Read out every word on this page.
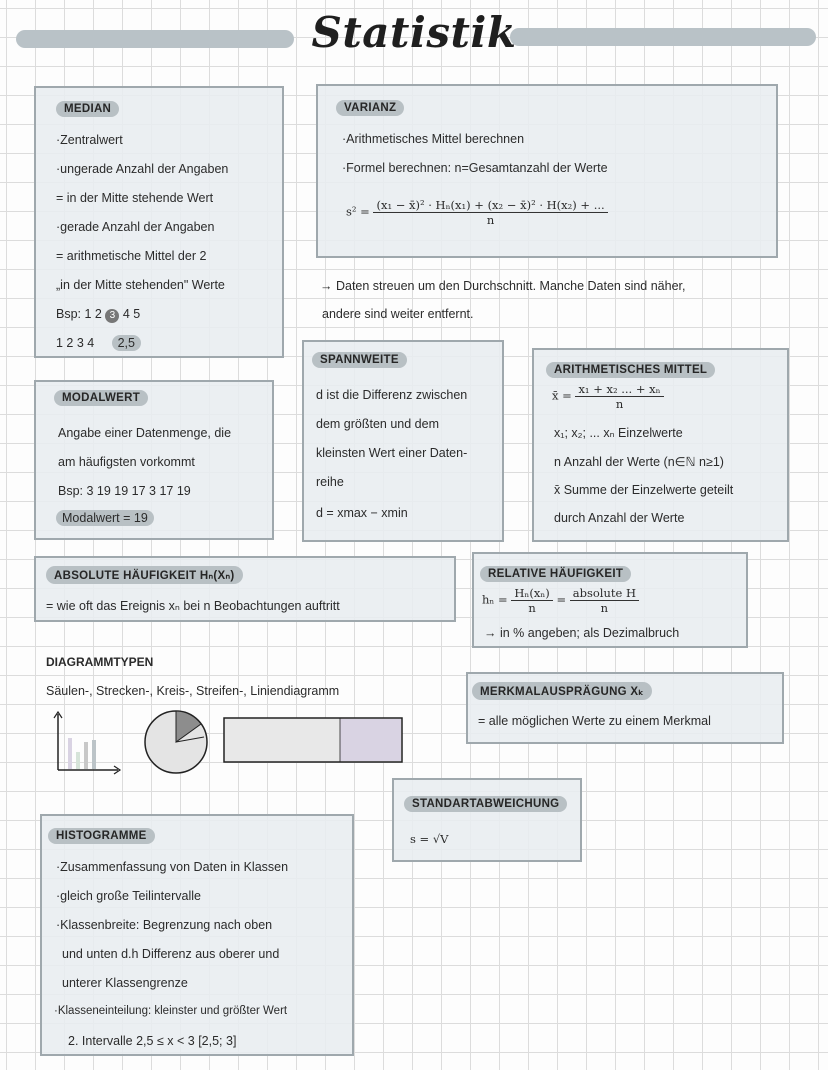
Statistik
MEDIAN
·Zentralwert
·ungerade Anzahl der Angaben
= in der Mitte stehende Wert
·gerade Anzahl der Angaben
= arithmetische Mittel der 2
„in der Mitte stehenden" Werte
Bsp: 1 2 3 4 5
1 2 3 4 2,5
VARIANZ
·Arithmetisches Mittel berechnen
·Formel berechnen: n=Gesamtanzahl der Werte
$s^2 = \frac{\text{(x₁ − x̄)² · Hₙ(x₁) + (x₂ − x̄)² · H(x₂) + ...}}{n}$
→ Daten streuen um den Durchschnitt. Manche Daten sind näher,
andere sind weiter entfernt.
SPANNWEITE
d ist die Differenz zwischen
dem größten und dem
kleinsten Wert einer Daten-
reihe
d = xmax − xmin
ARITHMETISCHES MITTEL
x̄ = $\frac{\text{x₁ + x₂ ... + xₙ}}{n}$
x₁; x₂; ... xₙ Einzelwerte
n Anzahl der Werte (n∈ℕ n≥1)
x̄ Summe der Einzelwerte geteilt
durch Anzahl der Werte
MODALWERT
Angabe einer Datenmenge, die
am häufigsten vorkommt
Bsp: 3 19 19 17 3 17 19
Modalwert = 19
ABSOLUTE HÄUFIGKEIT Hₙ(Xₙ)
= wie oft das Ereignis xₙ bei n Beobachtungen auftritt
RELATIVE HÄUFIGKEIT
$h_n = \frac{\text{Hₙ(xₙ)}}{n} = \frac{\text{absolute H}}{n}$
→ in % angeben; als Dezimalbruch
DIAGRAMMTYPEN
Säulen-, Strecken-, Kreis-, Streifen-, Liniendiagramm	MERKMALAUSPRÄGUNG Xₖ
= alle möglichen Werte zu einem Merkmal
STANDARTABWEICHUNG
s = √V
HISTOGRAMME
·Zusammenfassung von Daten in Klassen
·gleich große Teilintervalle
·Klassenbreite: Begrenzung nach oben
und unten d.h Differenz aus oberer und
unterer Klassengrenze
·Klasseneinteilung: kleinster und größter Wert
2. Intervalle 2,5 ≤ x < 3 [2,5; 3]
